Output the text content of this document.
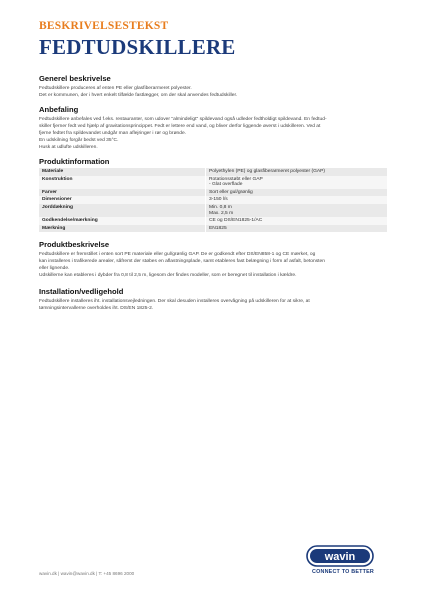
BESKRIVELSESTEKST
FEDTUDSKILLERE
Generel beskrivelse

Fedtudskillere produceres af enten PE eller glasfiberarmeret polyester.

Det er kommunen, der i hvert enkelt tilfælde fastlægger, om der skal anvendes fedtudskiller.

Anbefaling

Fedtudskillere anbefales ved f.eks. restauranter, som udover "almindeligt" spildevand også udleder fedtholdigt spildevand. En fedtud-

skiller fjerner fedt ved hjælp af gravitationsprincippet. Fedt er lettere end vand, og bliver derfor liggende øverst i udskilleren. Ved at

fjerne fedtet fra spildevandet undgår man aflejringer i rør og brønde.

En udskilning forgår bedst ved 35°C.

Husk at udlufte udskilleren.

Produktinformation
Materiale	Polyethylen (PE) og glasfiberarmeret polyester (GAP)
Konstruktion	Rotationsstøbt eller GAP
- Glat overflade
Farver	Sort eller gul/grønlig
Dimensioner	3-150 l/s
Jorddækning	Min. 0,8 m
Max. 2,5 m
Godkendelse/mærkning	CE og DS/EN1825-1/AC
Mærkning	EN1825
Produktbeskrivelse

Fedtudskillere er fremstillet i enten sort PE materiale eller gul/grønlig GAP. De er godkendt efter DS/EN858-1 og CE mærket, og

kan installeres i trafikerede arealer, såfremt der støbes en aflastningsplade, samt etableres fast belægning i form af asfalt, betonsten

eller lignende.

Udskillerne kan etableres i dybder fra 0,8 til 2,5 m, ligesom der findes modeller, som er beregnet til installation i kældre.

Installation/vedligehold

Fedtudskillere installeres iht. installationsvejledningen. Der skal desuden installeres overvågning på udskilleren for at sikre, at

tømningsintervallerne overholdes iht. DS/EN 1825-2.

wavin
CONNECT TO BETTER
wavin.dk | wavin@wavin.dk | T: +45 8696 2000
